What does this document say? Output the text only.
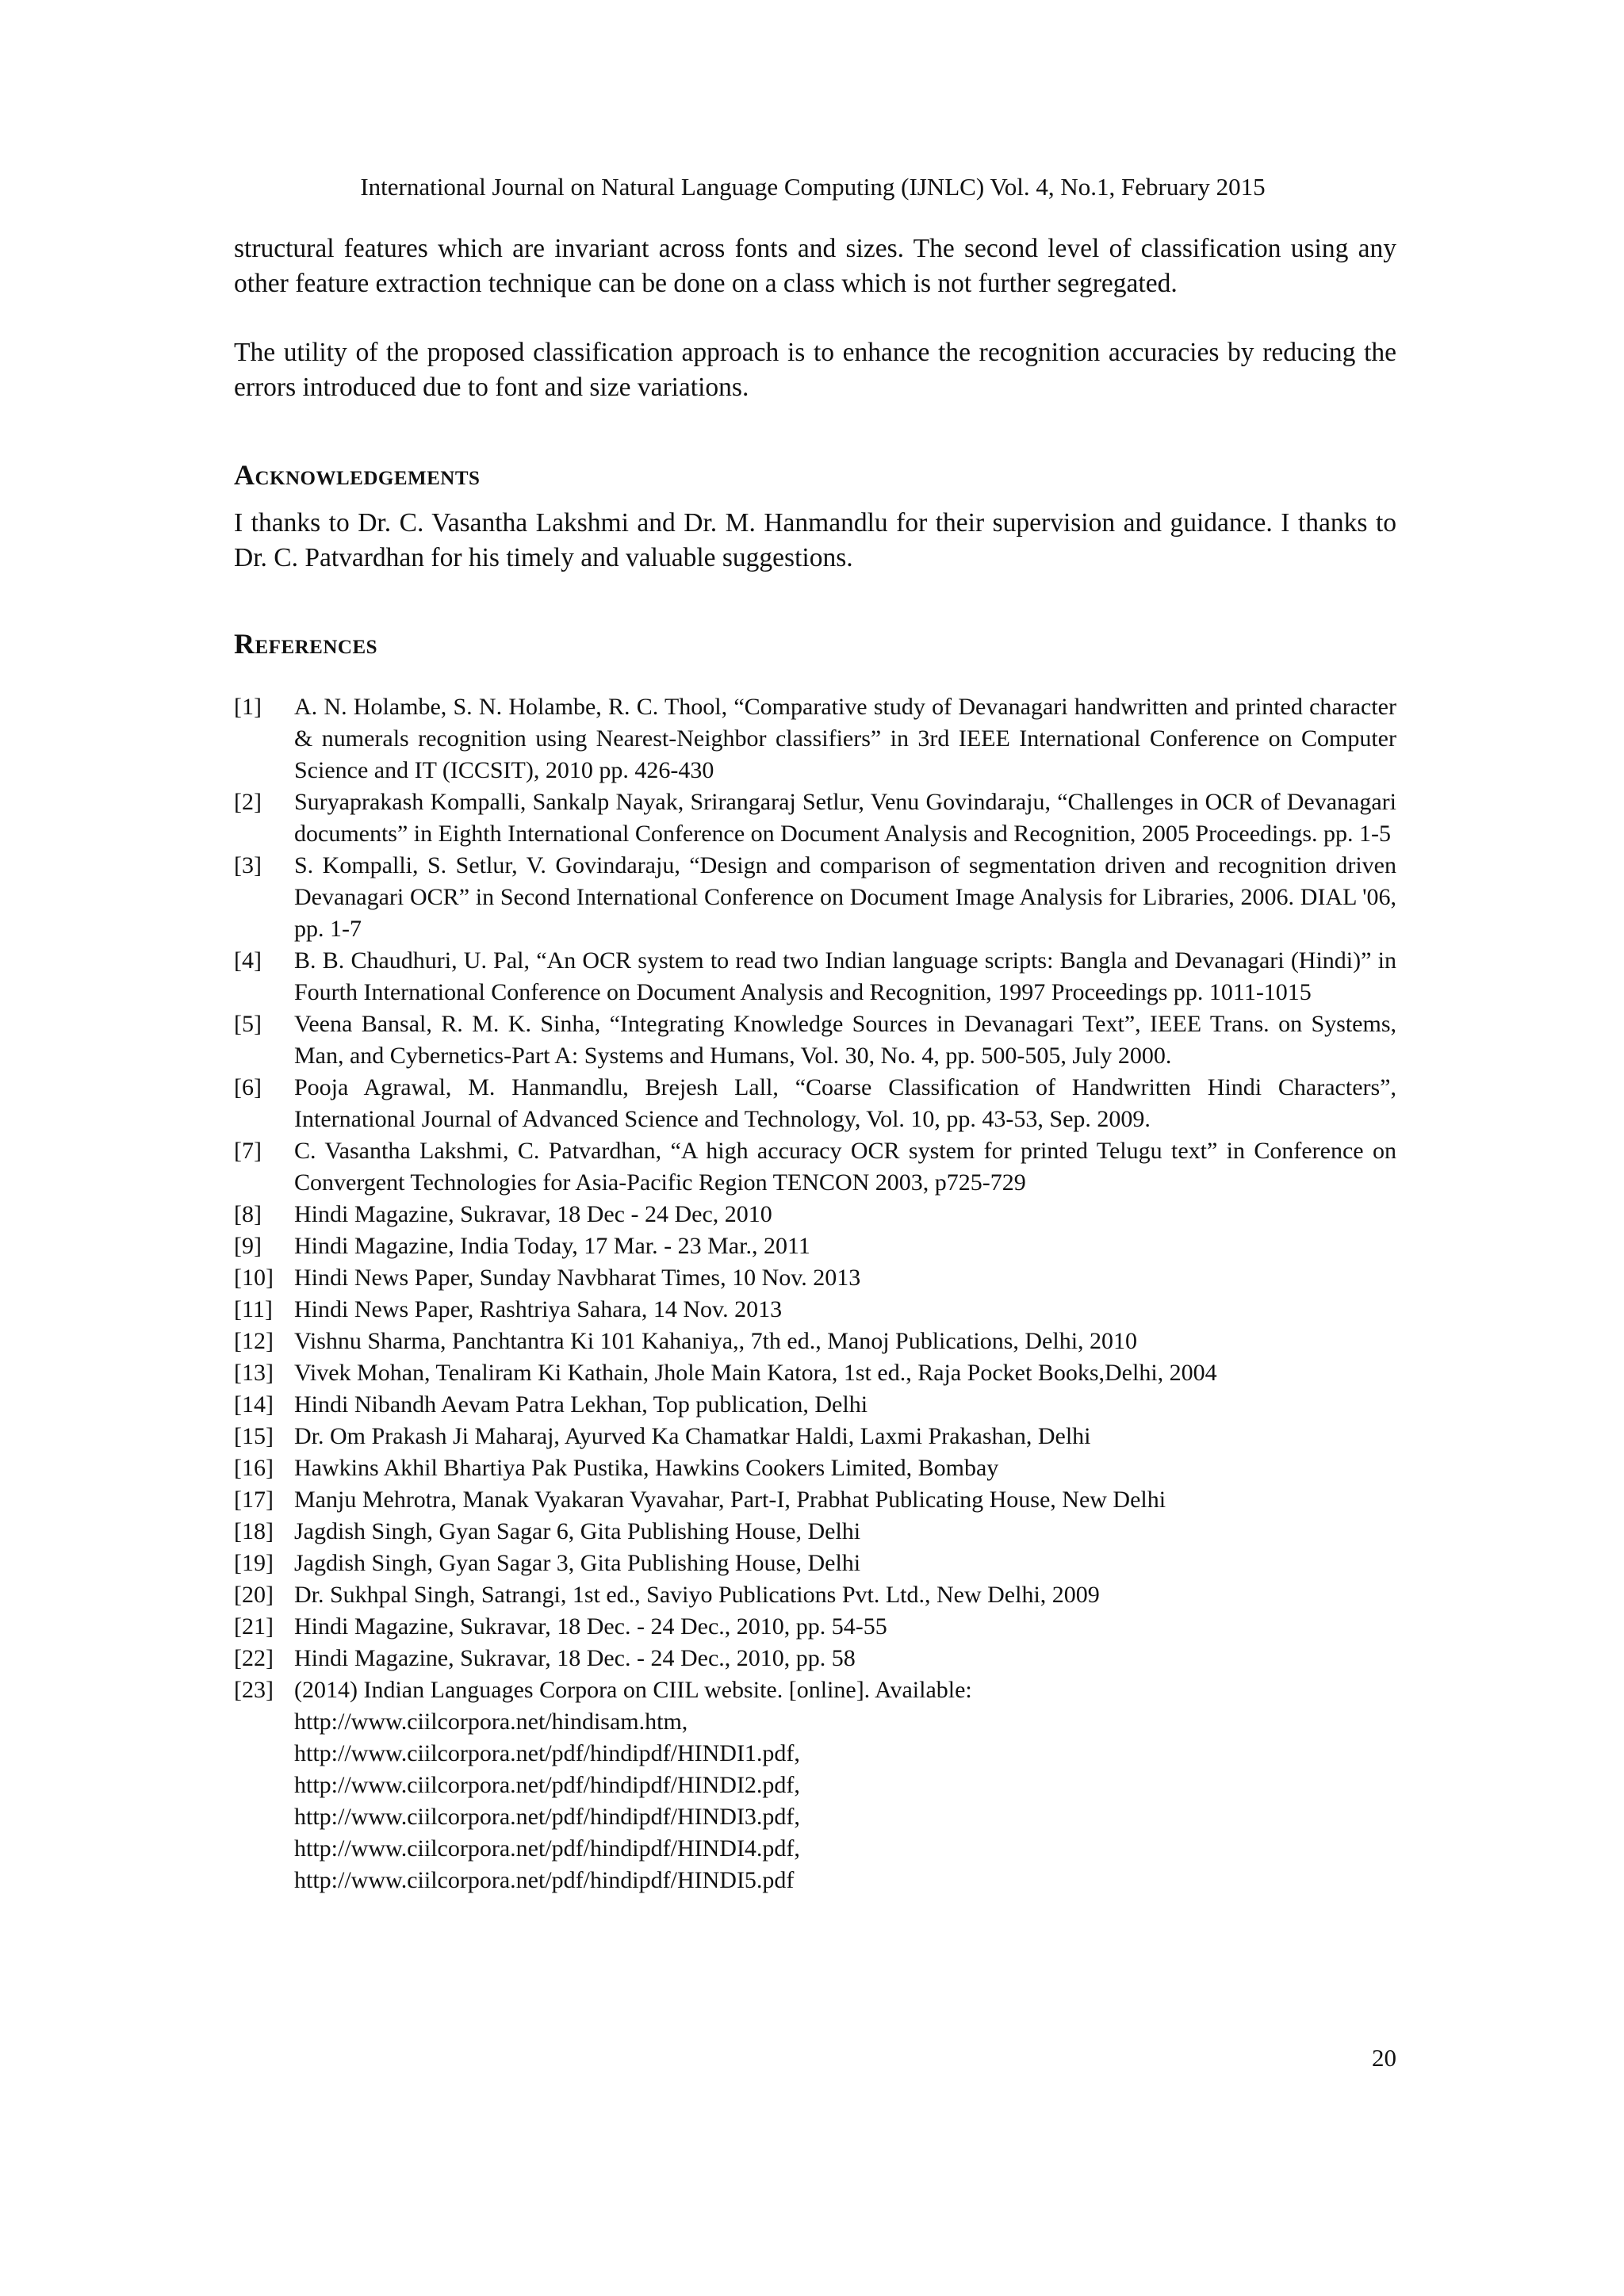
International Journal on Natural Language Computing (IJNLC) Vol. 4, No.1, February 2015

structural features which are invariant across fonts and sizes. The second level of classification using any other feature extraction technique can be done on a class which is not further segregated.

The utility of the proposed classification approach is to enhance the recognition accuracies by reducing the errors introduced due to font and size variations.

Acknowledgements

I thanks to Dr. C. Vasantha Lakshmi and Dr. M. Hanmandlu for their supervision and guidance. I thanks to Dr. C. Patvardhan for his timely and valuable suggestions.

References
[1]	A. N. Holambe, S. N. Holambe, R. C. Thool, “Comparative study of Devanagari handwritten and printed character & numerals recognition using Nearest-Neighbor classifiers” in 3rd IEEE International Conference on Computer Science and IT (ICCSIT), 2010 pp. 426-430
[2]	Suryaprakash Kompalli, Sankalp Nayak, Srirangaraj Setlur, Venu Govindaraju, “Challenges in OCR of Devanagari documents” in Eighth International Conference on Document Analysis and Recognition, 2005 Proceedings. pp. 1-5
[3]	S. Kompalli, S. Setlur, V. Govindaraju, “Design and comparison of segmentation driven and recognition driven Devanagari OCR” in Second International Conference on Document Image Analysis for Libraries, 2006. DIAL '06, pp. 1-7
[4]	B. B. Chaudhuri, U. Pal, “An OCR system to read two Indian language scripts: Bangla and Devanagari (Hindi)” in Fourth International Conference on Document Analysis and Recognition, 1997 Proceedings pp. 1011-1015
[5]	Veena Bansal, R. M. K. Sinha, “Integrating Knowledge Sources in Devanagari Text”, IEEE Trans. on Systems, Man, and Cybernetics-Part A: Systems and Humans, Vol. 30, No. 4, pp. 500-505, July 2000.
[6]	Pooja Agrawal, M. Hanmandlu, Brejesh Lall, “Coarse Classification of Handwritten Hindi Characters”, International Journal of Advanced Science and Technology, Vol. 10, pp. 43-53, Sep. 2009.
[7]	C. Vasantha Lakshmi, C. Patvardhan, “A high accuracy OCR system for printed Telugu text” in Conference on Convergent Technologies for Asia-Pacific Region TENCON 2003, p725-729
[8]	Hindi Magazine, Sukravar, 18 Dec - 24 Dec, 2010
[9]	Hindi Magazine, India Today, 17 Mar. - 23 Mar., 2011
[10] Hindi News Paper, Sunday Navbharat Times, 10 Nov. 2013
[11] Hindi News Paper, Rashtriya Sahara, 14 Nov. 2013
[12] Vishnu Sharma, Panchtantra Ki 101 Kahaniya,, 7th ed., Manoj Publications, Delhi, 2010
[13] Vivek Mohan, Tenaliram Ki Kathain, Jhole Main Katora, 1st ed., Raja Pocket Books,Delhi, 2004
[14] Hindi Nibandh Aevam Patra Lekhan, Top publication, Delhi
[15] Dr. Om Prakash Ji Maharaj, Ayurved Ka Chamatkar Haldi, Laxmi Prakashan, Delhi
[16] Hawkins Akhil Bhartiya Pak Pustika, Hawkins Cookers Limited, Bombay
[17] Manju Mehrotra, Manak Vyakaran Vyavahar, Part-I, Prabhat Publicating House, New Delhi
[18] Jagdish Singh, Gyan Sagar 6, Gita Publishing House, Delhi
[19] Jagdish Singh, Gyan Sagar 3, Gita Publishing House, Delhi
[20] Dr. Sukhpal Singh, Satrangi, 1st ed., Saviyo Publications Pvt. Ltd., New Delhi, 2009
[21] Hindi Magazine, Sukravar, 18 Dec. - 24 Dec., 2010, pp. 54-55
[22] Hindi Magazine, Sukravar, 18 Dec. - 24 Dec., 2010, pp. 58
[23] (2014) Indian Languages Corpora on CIIL website. [online]. Available:
http://www.ciilcorpora.net/hindisam.htm,
http://www.ciilcorpora.net/pdf/hindipdf/HINDI1.pdf,
http://www.ciilcorpora.net/pdf/hindipdf/HINDI2.pdf,
http://www.ciilcorpora.net/pdf/hindipdf/HINDI3.pdf,
http://www.ciilcorpora.net/pdf/hindipdf/HINDI4.pdf,
http://www.ciilcorpora.net/pdf/hindipdf/HINDI5.pdf
20
